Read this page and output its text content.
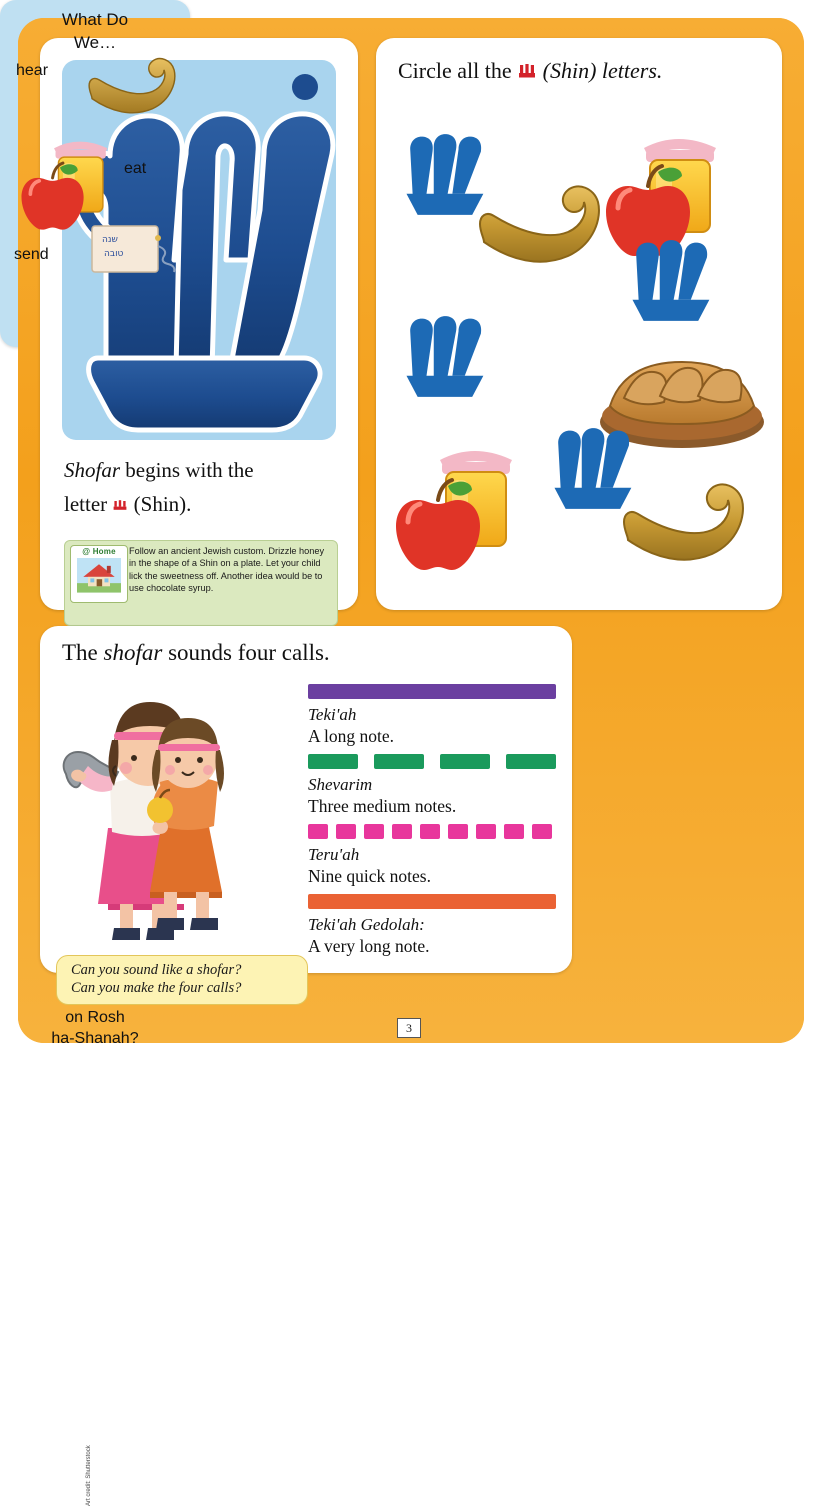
Shofar begins with the
letter  (Shin).
@ Home	Follow an ancient Jewish custom. Drizzle honey in the shape of a Shin on a plate. Let your child lick the sweetness off. Another idea would be to use chocolate syrup.
Circle all the  (Shin) letters.
The shofar sounds four calls.
Art credit: Shutterstock
Teki'ah
A long note.
Shevarim
Three medium notes.
Teru'ah
Nine quick notes.
Teki'ah Gedolah:
A very long note.
Can you sound like a shofar?
Can you make the four calls?
What Do
We…
שנה
טובה
hear
eat
send
on Rosh
ha-Shanah?
3
